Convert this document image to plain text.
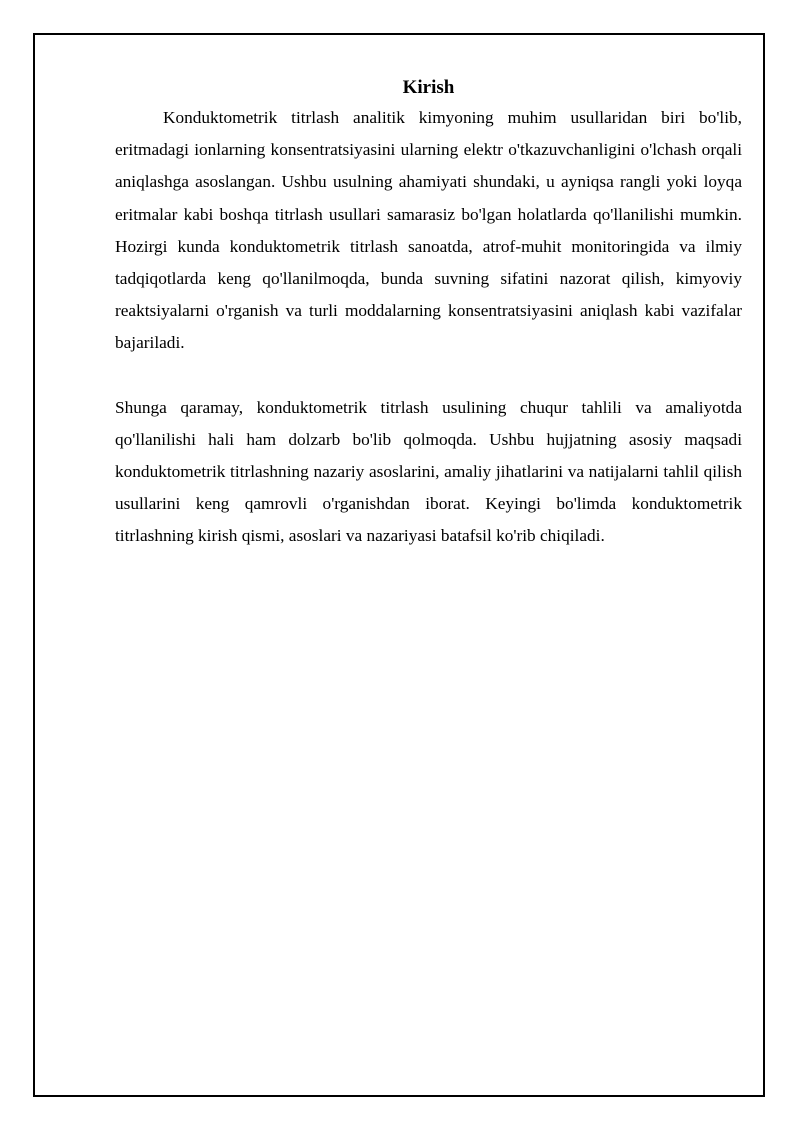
Kirish

Konduktometrik titrlash analitik kimyoning muhim usullaridan biri bo'lib, eritmadagi ionlarning konsentratsiyasini ularning elektr o'tkazuvchanligini o'lchash orqali aniqlashga asoslangan. Ushbu usulning ahamiyati shundaki, u ayniqsa rangli yoki loyqa eritmalar kabi boshqa titrlash usullari samarasiz bo'lgan holatlarda qo'llanilishi mumkin. Hozirgi kunda konduktometrik titrlash sanoatda, atrof-muhit monitoringida va ilmiy tadqiqotlarda keng qo'llanilmoqda, bunda suvning sifatini nazorat qilish, kimyoviy reaktsiyalarni o'rganish va turli moddalarning konsentratsiyasini aniqlash kabi vazifalar bajariladi.

Shunga qaramay, konduktometrik titrlash usulining chuqur tahlili va amaliyotda qo'llanilishi hali ham dolzarb bo'lib qolmoqda. Ushbu hujjatning asosiy maqsadi konduktometrik titrlashning nazariy asoslarini, amaliy jihatlarini va natijalarni tahlil qilish usullarini keng qamrovli o'rganishdan iborat. Keyingi bo'limda konduktometrik titrlashning kirish qismi, asoslari va nazariyasi batafsil ko'rib chiqiladi.
